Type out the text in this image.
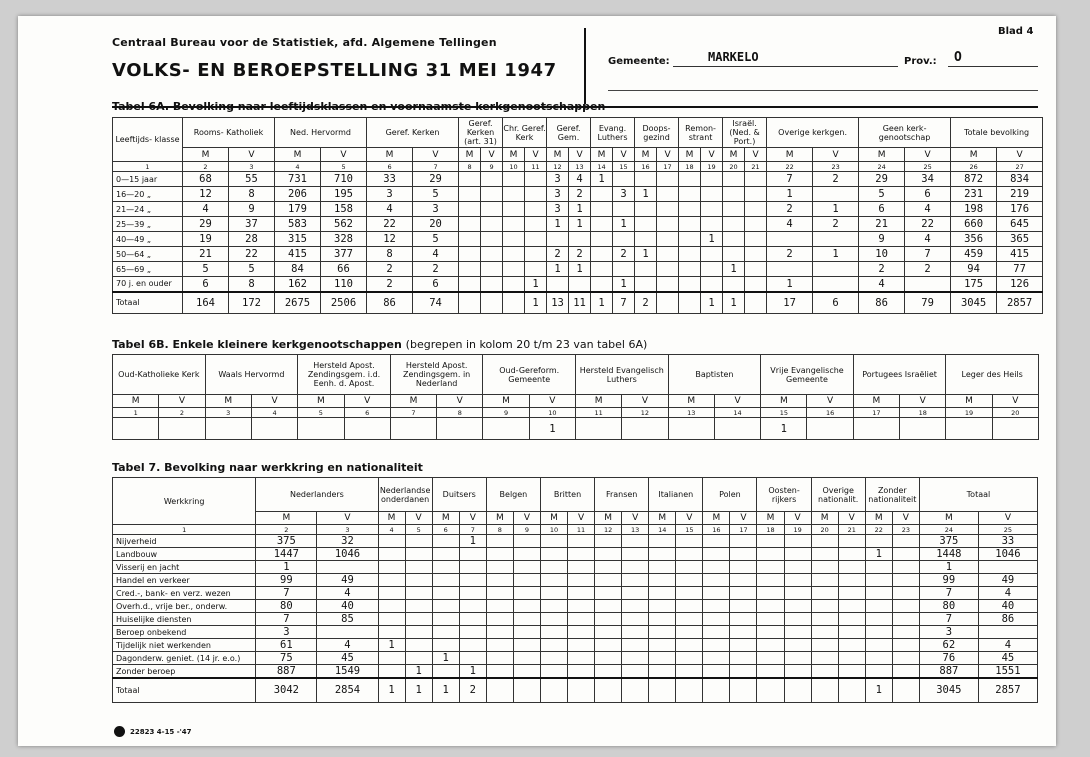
Centraal Bureau voor de Statistiek, afd. Algemene Tellingen
VOLKS- EN BEROEPSTELLING 31 MEI 1947
Blad 4
Gemeente:	MARKELO	Prov.: O
Tabel 6A. Bevolking naar leeftijdsklassen en voornaamste kerkgenootschappen
Leeftijds- klasse	Rooms- Katholiek		Ned. Hervormd		Geref. Kerken		Geref. Kerken (art. 31)		Chr. Geref. Kerk		Geref. Gem.		Evang. Luthers		Doops- gezind		Remon- strant		Israël. (Ned. & Port.)		Overige kerkgen.		Geen kerk- genootschap		Totale bevolking	
	M	V	M	V	M	V	M	V	M	V	M	V	M	V	M	V	M	V	M	V	M	V	M	V	M	V
1	2	3	4	5	6	7	8	9	10	11	12	13	14	15	16	17	18	19	20	21	22	23	24	25	26	27
0—15 jaar	68	55	731	710	33	29					3	4	1								7	2	29	34	872	834
16—20 „	12	8	206	195	3	5					3	2		3	1						1		5	6	231	219
21—24 „	4	9	179	158	4	3					3	1									2	1	6	4	198	176
25—39 „	29	37	583	562	22	20					1	1		1							4	2	21	22	660	645
40—49 „	19	28	315	328	12	5												1					9	4	356	365
50—64 „	21	22	415	377	8	4					2	2		2	1						2	1	10	7	459	415
65—69 „	5	5	84	66	2	2					1	1							1				2	2	94	77
70 j. en ouder	6	8	162	110	2	6				1				1							1		4		175	126
Totaal	164	172	2675	2506	86	74				1	13	11	1	7	2			1	1		17	6	86	79	3045	2857
Tabel 6B. Enkele kleinere kerkgenootschappen (begrepen in kolom 20 t/m 23 van tabel 6A)
Oud-Katholieke Kerk		Waals Hervormd		Hersteld Apost. Zendingsgem. i.d. Eenh. d. Apost.		Hersteld Apost. Zendingsgem. in Nederland		Oud-Gereform. Gemeente		Hersteld Evangelisch Luthers		Baptisten		Vrije Evangelische Gemeente		Portugees Israëliet		Leger des Heils	
M	V	M	V	M	V	M	V	M	V	M	V	M	V	M	V	M	V	M	V
1	2	3	4	5	6	7	8	9	10	11	12	13	14	15	16	17	18	19	20
									1					1					
Tabel 7. Bevolking naar werkkring en nationaliteit
Werkkring	Nederlanders		Nederlandse onderdanen		Duitsers		Belgen		Britten		Fransen		Italianen		Polen		Oosten- rijkers		Overige nationalit.		Zonder nationaliteit		Totaal	
	M	V	M	V	M	V	M	V	M	V	M	V	M	V	M	V	M	V	M	V	M	V	M	V
1	2	3	4	5	6	7	8	9	10	11	12	13	14	15	16	17	18	19	20	21	22	23	24	25
Nijverheid	375	32				1																	375	33
Landbouw	1447	1046																			1		1448	1046
Visserij en jacht	1																						1	
Handel en verkeer	99	49																					99	49
Cred.-, bank- en verz. wezen	7	4																					7	4
Overh.d., vrije ber., onderw.	80	40																					80	40
Huiselijke diensten	7	85																					7	86
Beroep onbekend	3																						3	
Tijdelijk niet werkenden	61	4	1																				62	4
Dagonderw. geniet. (14 jr. e.o.)	75	45			1																		76	45
Zonder beroep	887	1549		1		1																	887	1551
Totaal	3042	2854	1	1	1	2															1		3045	2857
22823 4-15 -'47
